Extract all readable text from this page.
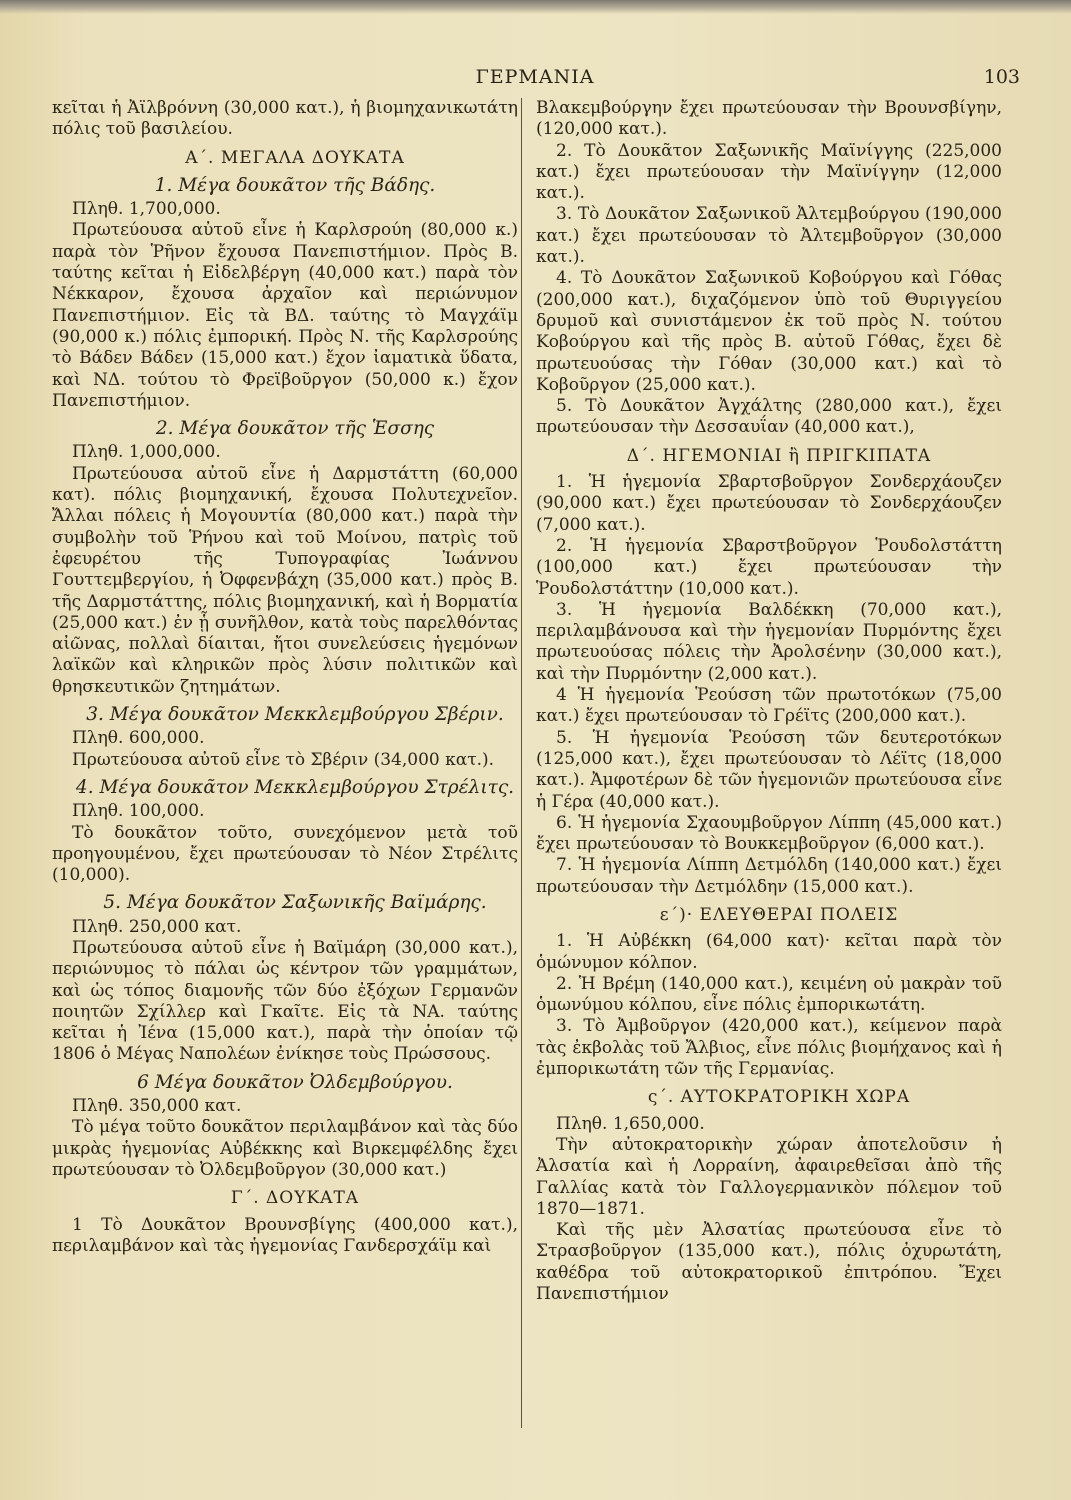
ΓΕΡΜΑΝΙΑ	103

κεῖται ἡ Ἀϊλβρόννη (30,000 κατ.), ἡ βιομηχανικωτάτη πόλις τοῦ βασιλείου.

Α΄. ΜΕΓΑΛΑ ΔΟΥΚΑΤΑ

1. Μέγα δουκᾶτον τῆς Βάδης.

Πληθ. 1,700,000.

Πρωτεύουσα αὐτοῦ εἶνε ἡ Καρλσρούη (80,000 κ.) παρὰ τὸν Ῥῆνον ἔχουσα Πανεπιστήμιον. Πρὸς Β. ταύτης κεῖται ἡ Εἰδελβέργη (40,000 κατ.) παρὰ τὸν Νέκκαρον, ἔχουσα ἀρχαῖον καὶ περιώνυμον Πανεπιστήμιον. Εἰς τὰ ΒΔ. ταύτης τὸ Μαγχάϊμ (90,000 κ.) πόλις ἐμπορική. Πρὸς Ν. τῆς Καρλσρούης τὸ Βάδεν Βάδεν (15,000 κατ.) ἔχον ἰαματικὰ ὕδατα, καὶ ΝΔ. τούτου τὸ Φρεϊβοῦργον (50,000 κ.) ἔχον Πανεπιστήμιον.

2. Μέγα δουκᾶτον τῆς Ἑσσης

Πληθ. 1,000,000.

Πρωτεύουσα αὐτοῦ εἶνε ἡ Δαρμστάττη (60,000 κατ). πόλις βιομηχανική, ἔχουσα Πολυτεχνεῖον. Ἄλλαι πόλεις ἡ Μογουντία (80,000 κατ.) παρὰ τὴν συμβολὴν τοῦ Ῥήνου καὶ τοῦ Μοίνου, πατρὶς τοῦ ἐφευρέτου τῆς Τυπογραφίας Ἰωάννου Γουττεμβεργίου, ἡ Ὀφφενβάχη (35,000 κατ.) πρὸς Β. τῆς Δαρμστάττης, πόλις βιομηχανική, καὶ ἡ Βορματία (25,000 κατ.) ἐν ᾗ συνῆλθον, κατὰ τοὺς παρελθόντας αἰῶνας, πολλαὶ δίαιται, ἤτοι συνελεύσεις ἡγεμόνων λαϊκῶν καὶ κληρικῶν πρὸς λύσιν πολιτικῶν καὶ θρησκευτικῶν ζητημάτων.

3. Μέγα δουκᾶτον Μεκκλεμβούργου Σβέριν.

Πληθ. 600,000.

Πρωτεύουσα αὐτοῦ εἶνε τὸ Σβέριν (34,000 κατ.).

4. Μέγα δουκᾶτον Μεκκλεμβούργου Στρέλιτς.

Πληθ. 100,000.

Τὸ δουκᾶτον τοῦτο, συνεχόμενον μετὰ τοῦ προηγουμένου, ἔχει πρωτεύουσαν τὸ Νέον Στρέλιτς (10,000).

5. Μέγα δουκᾶτον Σαξωνικῆς Βαϊμάρης.

Πληθ. 250,000 κατ.

Πρωτεύουσα αὐτοῦ εἶνε ἡ Βαϊμάρη (30,000 κατ.), περιώνυμος τὸ πάλαι ὡς κέντρον τῶν γραμμάτων, καὶ ὡς τόπος διαμονῆς τῶν δύο ἐξόχων Γερμανῶν ποιητῶν Σχίλλερ καὶ Γκαῖτε. Εἰς τὰ ΝΑ. ταύτης κεῖται ἡ Ἰένα (15,000 κατ.), παρὰ τὴν ὁποίαν τῷ 1806 ὁ Μέγας Ναπολέων ἐνίκησε τοὺς Πρώσσους.

6 Μέγα δουκᾶτον Ὀλδεμβούργου.

Πληθ. 350,000 κατ.

Τὸ μέγα τοῦτο δουκᾶτον περιλαμβάνον καὶ τὰς δύο μικρὰς ἡγεμονίας Αὐβέκκης καὶ Βιρκεμφέλδης ἔχει πρωτεύουσαν τὸ Ὀλδεμβοῦργον (30,000 κατ.)

Γ΄. ΔΟΥΚΑΤΑ

1 Τὸ Δουκᾶτον Βρουνσβίγης (400,000 κατ.), περιλαμβάνον καὶ τὰς ἡγεμονίας Γανδερσχάϊμ καὶ

Βλακεμβούργην ἔχει πρωτεύουσαν τὴν Βρουνσβίγην, (120,000 κατ.).

2. Τὸ Δουκᾶτον Σαξωνικῆς Μαϊνίγγης (225,000 κατ.) ἔχει πρωτεύουσαν τὴν Μαϊνίγγην (12,000 κατ.).

3. Τὸ Δουκᾶτον Σαξωνικοῦ Ἀλτεμβούργου (190,000 κατ.) ἔχει πρωτεύουσαν τὸ Ἀλτεμβοῦργον (30,000 κατ.).

4. Τὸ Δουκᾶτον Σαξωνικοῦ Κοβούργου καὶ Γόθας (200,000 κατ.), διχαζόμενον ὑπὸ τοῦ Θυριγγείου δρυμοῦ καὶ συνιστάμενον ἐκ τοῦ πρὸς Ν. τούτου Κοβούργου καὶ τῆς πρὸς Β. αὐτοῦ Γόθας, ἔχει δὲ πρωτευούσας τὴν Γόθαν (30,000 κατ.) καὶ τὸ Κοβοῦργον (25,000 κατ.).

5. Τὸ Δουκᾶτον Ἀγχάλτης (280,000 κατ.), ἔχει πρωτεύουσαν τὴν Δεσσαυΐαν (40,000 κατ.),

Δ΄. ΗΓΕΜΟΝΙΑΙ ἢ ΠΡΙΓΚΙΠΑΤΑ

1. Ἡ ἡγεμονία Σβαρτσβοῦργον Σονδερχάουζεν (90,000 κατ.) ἔχει πρωτεύουσαν τὸ Σονδερχάουζεν (7,000 κατ.).

2. Ἡ ἡγεμονία Σβαρστβοῦργον Ῥουδολστάττη (100,000 κατ.) ἔχει πρωτεύουσαν τὴν Ῥουδολστάττην (10,000 κατ.).

3. Ἡ ἡγεμονία Βαλδέκκη (70,000 κατ.), περιλαμβάνουσα καὶ τὴν ἡγεμονίαν Πυρμόντης ἔχει πρωτευούσας πόλεις τὴν Ἀρολσένην (30,000 κατ.), καὶ τὴν Πυρμόντην (2,000 κατ.).

4 Ἡ ἡγεμονία Ῥεούσση τῶν πρωτοτόκων (75,00 κατ.) ἔχει πρωτεύουσαν τὸ Γρέϊτς (200,000 κατ.).

5. Ἡ ἡγεμονία Ῥεούσση τῶν δευτεροτόκων (125,000 κατ.), ἔχει πρωτεύουσαν τὸ Λέϊτς (18,000 κατ.). Ἀμφοτέρων δὲ τῶν ἡγεμονιῶν πρωτεύουσα εἶνε ἡ Γέρα (40,000 κατ.).

6. Ἡ ἡγεμονία Σχαουμβοῦργον Λίππη (45,000 κατ.) ἔχει πρωτεύουσαν τὸ Βουκκεμβοῦργον (6,000 κατ.).

7. Ἡ ἡγεμονία Λίππη Δετμόλδη (140,000 κατ.) ἔχει πρωτεύουσαν τὴν Δετμόλδην (15,000 κατ.).

ε΄)· ΕΛΕΥΘΕΡΑΙ ΠΟΛΕΙΣ

1. Ἡ Αὐβέκκη (64,000 κατ)· κεῖται παρὰ τὸν ὁμώνυμον κόλπον.

2. Ἡ Βρέμη (140,000 κατ.), κειμένη οὐ μακρὰν τοῦ ὁμωνύμου κόλπου, εἶνε πόλις ἐμπορικωτάτη.

3. Τὸ Ἀμβοῦργον (420,000 κατ.), κείμενον παρὰ τὰς ἐκβολὰς τοῦ Ἄλβιος, εἶνε πόλις βιομήχανος καὶ ἡ ἐμπορικωτάτη τῶν τῆς Γερμανίας.

ς΄. ΑΥΤΟΚΡΑΤΟΡΙΚΗ ΧΩΡΑ

Πληθ. 1,650,000.

Τὴν αὐτοκρατορικὴν χώραν ἀποτελοῦσιν ἡ Ἀλσατία καὶ ἡ Λορραίνη, ἀφαιρεθεῖσαι ἀπὸ τῆς Γαλλίας κατὰ τὸν Γαλλογερμανικὸν πόλεμον τοῦ 1870—1871.

Καὶ τῆς μὲν Ἀλσατίας πρωτεύουσα εἶνε τὸ Στρασβοῦργον (135,000 κατ.), πόλις ὀχυρωτάτη, καθέδρα τοῦ αὐτοκρατορικοῦ ἐπιτρόπου. Ἔχει Πανεπιστήμιον
